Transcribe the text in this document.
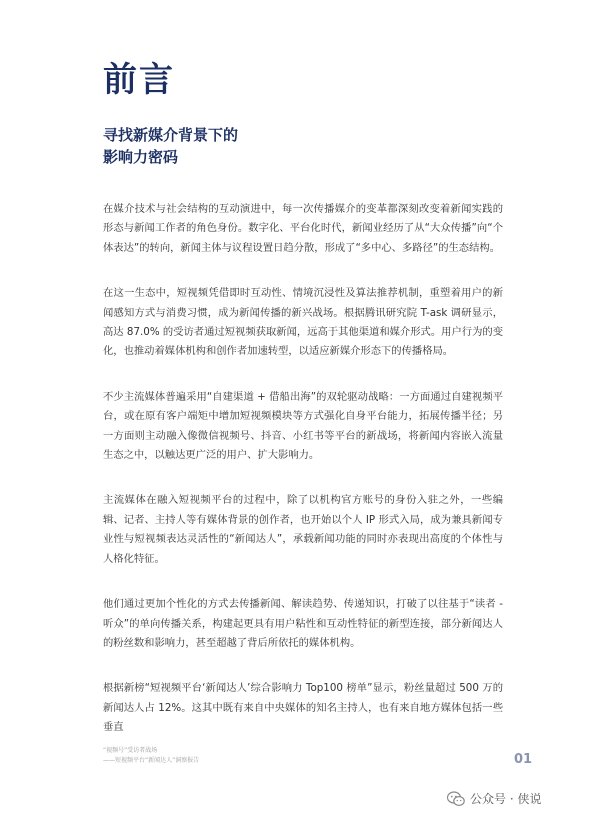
前言
寻找新媒介背景下的
影响力密码

在媒介技术与社会结构的互动演进中，每一次传播媒介的变革都深刻改变着新闻实践的形态与新闻工作者的角色身份。数字化、平台化时代，新闻业经历了从“大众传播”向“个体表达”的转向，新闻主体与议程设置日趋分散，形成了“多中心、多路径”的生态结构。

在这一生态中，短视频凭借即时互动性、情境沉浸性及算法推荐机制，重塑着用户的新闻感知方式与消费习惯，成为新闻传播的新兴战场。根据腾讯研究院 T-ask 调研显示，高达 87.0% 的受访者通过短视频获取新闻，远高于其他渠道和媒介形式。用户行为的变化，也推动着媒体机构和创作者加速转型，以适应新媒介形态下的传播格局。

不少主流媒体普遍采用“自建渠道 + 借船出海”的双轮驱动战略：一方面通过自建视频平台，或在原有客户端矩中增加短视频模块等方式强化自身平台能力，拓展传播半径；另一方面则主动融入像微信视频号、抖音、小红书等平台的新战场，将新闻内容嵌入流量生态之中，以触达更广泛的用户、扩大影响力。

主流媒体在融入短视频平台的过程中，除了以机构官方账号的身份入驻之外，一些编辑、记者、主持人等有媒体背景的创作者，也开始以个人 IP 形式入局，成为兼具新闻专业性与短视频表达灵活性的“新闻达人”，承载新闻功能的同时亦表现出高度的个体性与人格化特征。

他们通过更加个性化的方式去传播新闻、解读趋势、传递知识，打破了以往基于“读者 - 听众”的单向传播关系，构建起更具有用户粘性和互动性特征的新型连接，部分新闻达人的粉丝数和影响力，甚至超越了背后所依托的媒体机构。

根据新榜“短视频平台‘新闻达人’综合影响力 Top100 榜单”显示，粉丝量超过 500 万的新闻达人占 12%。这其中既有来自中央媒体的知名主持人，也有来自地方媒体包括一些垂直

“视频号”受访者战场
——短视频平台“新闻达人”洞察报告	01
公众号 · 侠说
